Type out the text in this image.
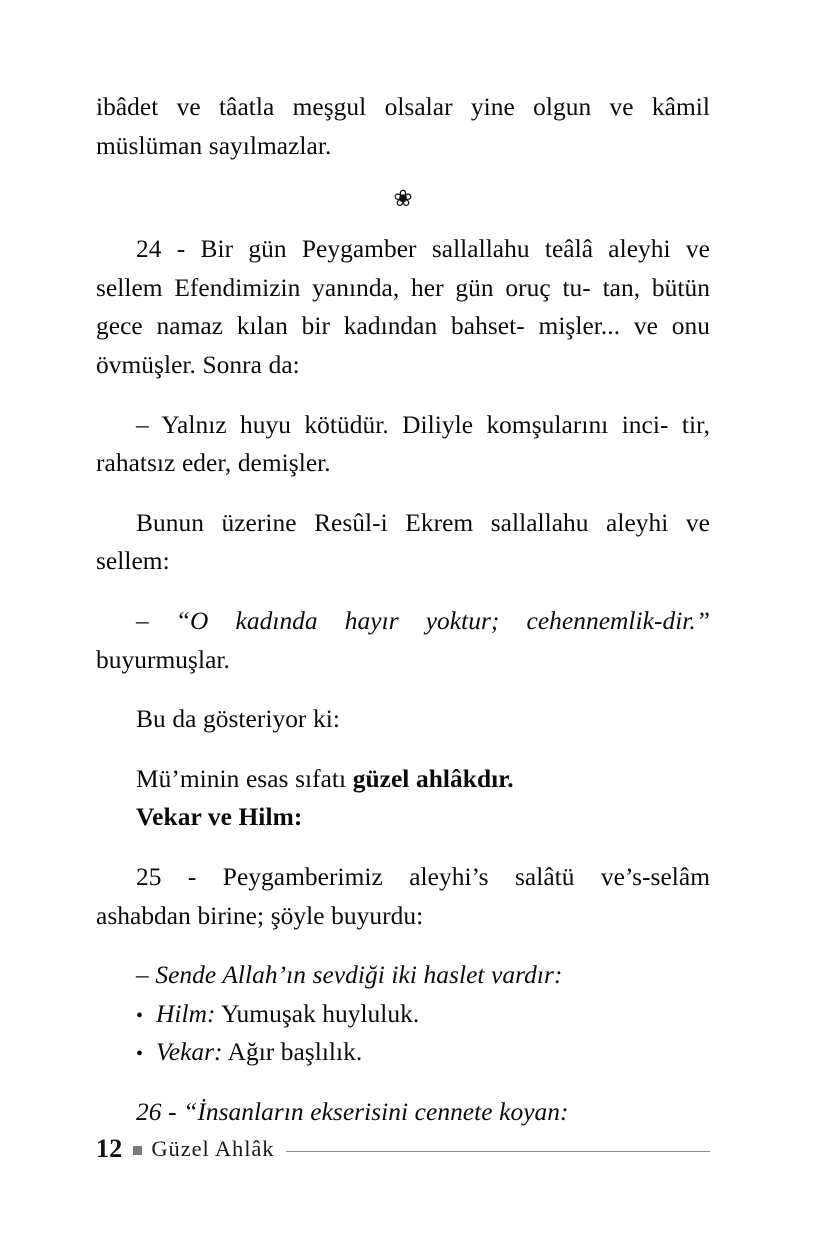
ibâdet ve tâatla meşgul olsalar yine olgun ve kâmil müslüman sayılmazlar.

❀

24 - Bir gün Peygamber sallallahu teâlâ aleyhi ve sellem Efendimizin yanında, her gün oruç tu- tan, bütün gece namaz kılan bir kadından bahset- mişler... ve onu övmüşler. Sonra da:

– Yalnız huyu kötüdür. Diliyle komşularını inci- tir, rahatsız eder, demişler.

Bunun üzerine Resûl-i Ekrem sallallahu aleyhi ve sellem:

– “O kadında hayır yoktur; cehennemlik-dir.” buyurmuşlar.

Bu da gösteriyor ki:

Mü’minin esas sıfatı güzel ahlâkdır.

Vekar ve Hilm:

25 - Peygamberimiz aleyhi’s salâtü ve’s-selâm ashabdan birine; şöyle buyurdu:

– Sende Allah’ın sevdiği iki haslet vardır:

• Hilm: Yumuşak huyluluk.

• Vekar: Ağır başlılık.

26 - “İnsanların ekserisini cennete koyan:

12 Güzel Ahlâk
